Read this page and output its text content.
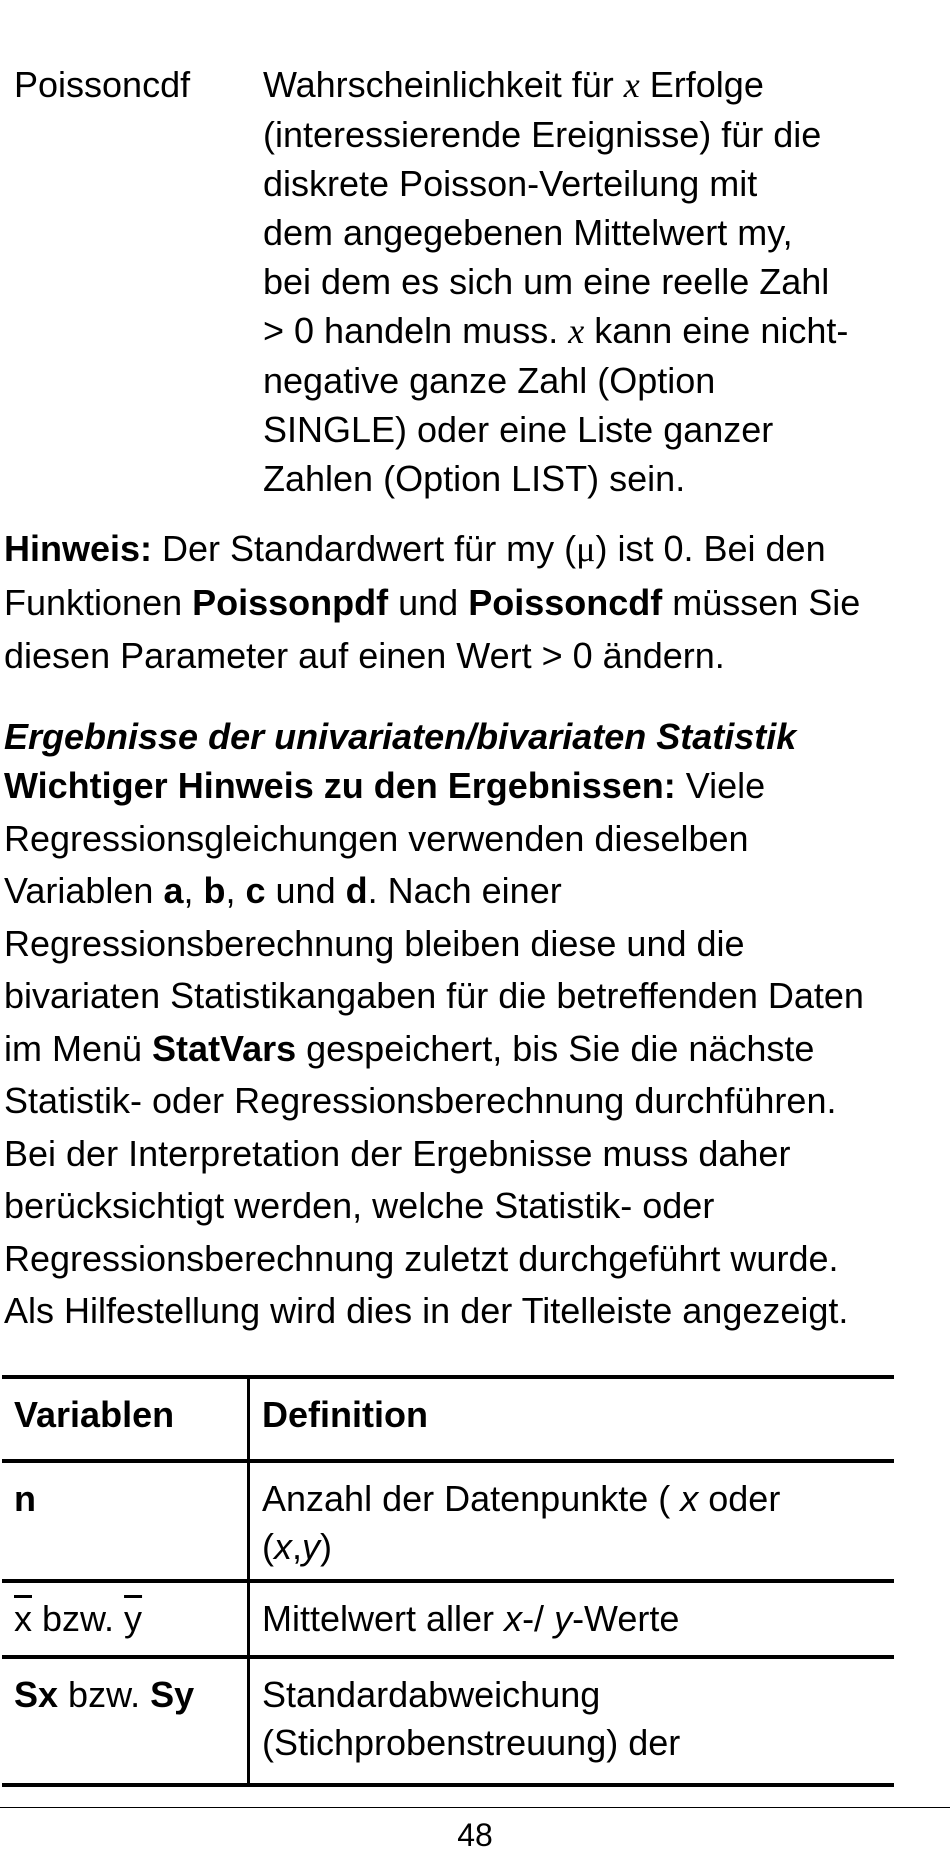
Poissoncdf Wahrscheinlichkeit für x Erfolge
(interessierende Ereignisse) für die
diskrete Poisson-Verteilung mit
dem angegebenen Mittelwert my,
bei dem es sich um eine reelle Zahl
> 0 handeln muss. x kann eine nicht-
negative ganze Zahl (Option
SINGLE) oder eine Liste ganzer
Zahlen (Option LIST) sein.
Hinweis: Der Standardwert für my (μ) ist 0. Bei den
Funktionen Poissonpdf und Poissoncdf müssen Sie
diesen Parameter auf einen Wert > 0 ändern.
Ergebnisse der univariaten/bivariaten Statistik
Wichtiger Hinweis zu den Ergebnissen: Viele
Regressionsgleichungen verwenden dieselben
Variablen a, b, c und d. Nach einer
Regressionsberechnung bleiben diese und die
bivariaten Statistikangaben für die betreffenden Daten
im Menü StatVars gespeichert, bis Sie die nächste
Statistik- oder Regressionsberechnung durchführen.
Bei der Interpretation der Ergebnisse muss daher
berücksichtigt werden, welche Statistik- oder
Regressionsberechnung zuletzt durchgeführt wurde.
Als Hilfestellung wird dies in der Titelleiste angezeigt.
Variablen	Definition
n	Anzahl der Datenpunkte ( x oder
(x,y)
$\overline{x}$ bzw. $\overline{y}$	Mittelwert aller x-/ y-Werte
Sx bzw. Sy	Standardabweichung
(Stichprobenstreuung) der
48
